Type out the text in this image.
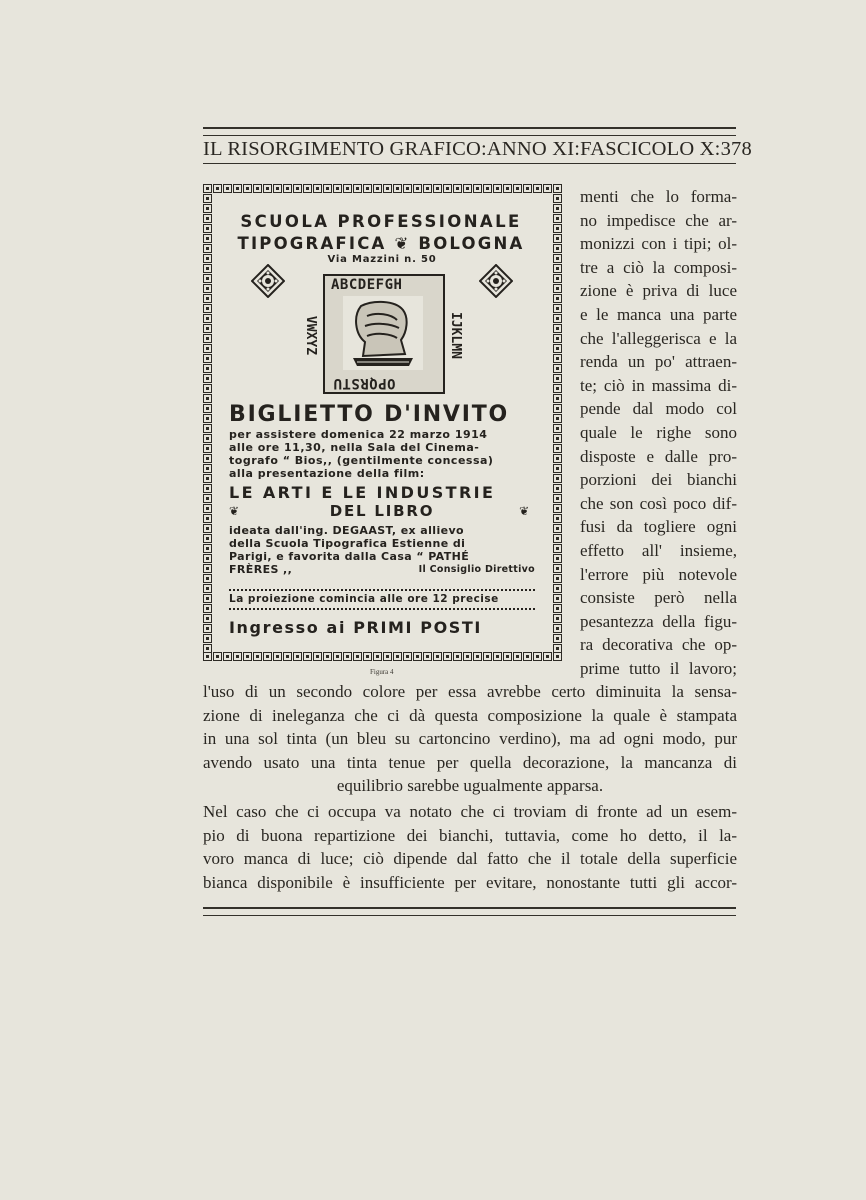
IL RISORGIMENTO GRAFICO : ANNO XI : FASCICOLO X : 378
SCUOLA PROFESSIONALE
TIPOGRAFICA ❦ BOLOGNA
Via Mazzini n. 50
ABCDEFGH
IJKLMN
OPQRSTU
VWXYZ
BIGLIETTO D'INVITO
per assistere domenica 22 marzo 1914
alle ore 11,30, nella Sala del Cinema-
tografo “ Bios,, (gentilmente concessa)
alla presentazione della film:
LE ARTI E LE INDUSTRIE
❦	DEL LIBRO	❦
ideata dall'ing. DEGAAST, ex allievo
della Scuola Tipografica Estienne di
Parigi, e favorita dalla Casa “ PATHÉ
FRÈRES ,,	Il Consiglio Direttivo
La proiezione comincia alle ore 12 precise
Ingresso ai PRIMI POSTI
Figura 4
menti che lo forma-
no impedisce che ar-
monizzi con i tipi; ol-
tre a ciò la composi-
zione è priva di luce
e le manca una parte
che l'alleggerisca e la
renda un po' attraen-
te; ciò in massima di-
pende dal modo col
quale le righe sono
disposte e dalle pro-
porzioni dei bianchi
che son così poco dif-
fusi da togliere ogni
effetto all' insieme,
l'errore più notevole
consiste però nella
pesantezza della figu-
ra decorativa che op-
prime tutto il lavoro;
l'uso di un secondo colore per essa avrebbe certo diminuita la sensa-
zione di ineleganza che ci dà questa composizione la quale è stampata
in una sol tinta (un bleu su cartoncino verdino), ma ad ogni modo, pur
avendo usato una tinta tenue per quella decorazione, la mancanza di
equilibrio sarebbe ugualmente apparsa.
Nel caso che ci occupa va notato che ci troviam di fronte ad un esem-
pio di buona repartizione dei bianchi, tuttavia, come ho detto, il la-
voro manca di luce; ciò dipende dal fatto che il totale della superficie
bianca disponibile è insufficiente per evitare, nonostante tutti gli accor-
